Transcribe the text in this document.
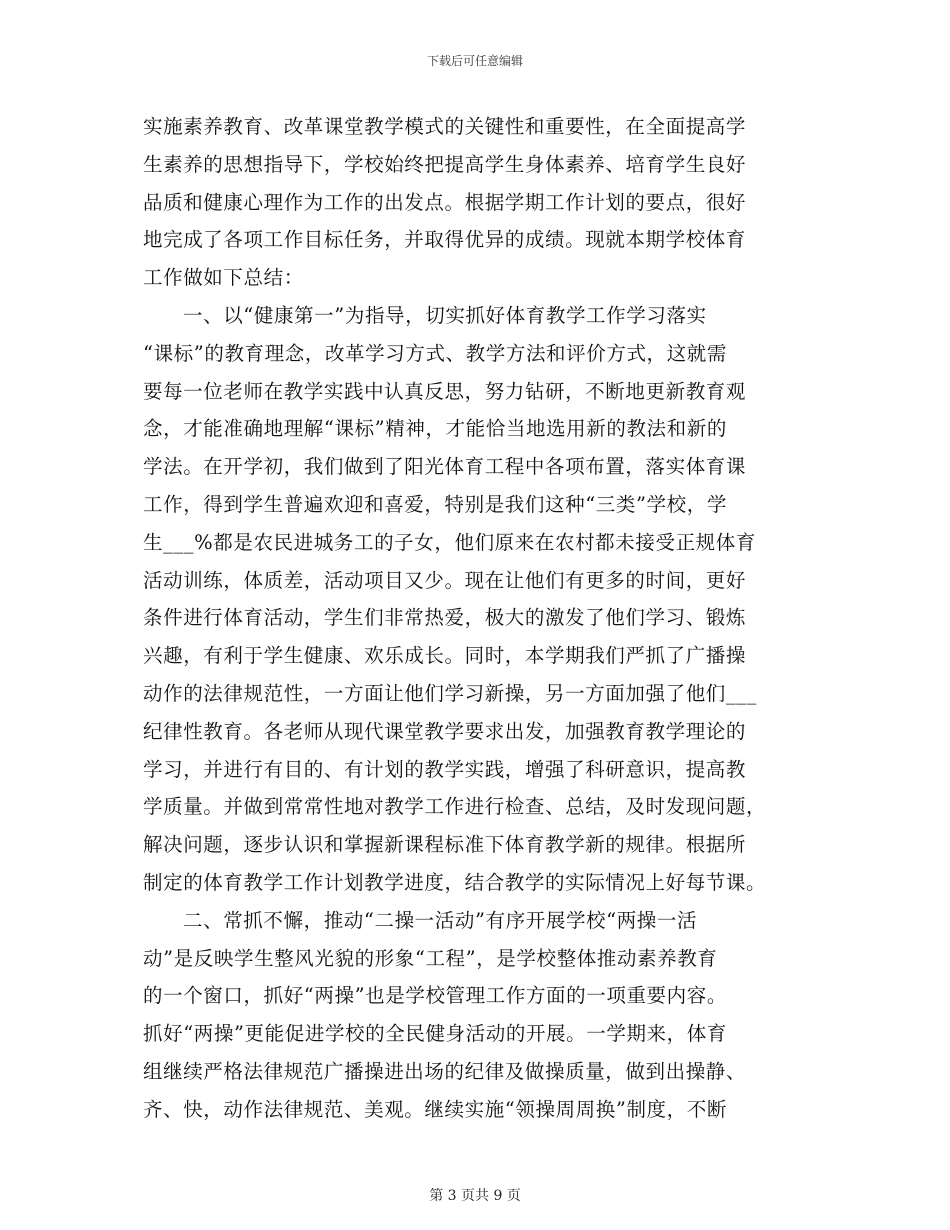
下载后可任意编辑
实施素养教育、改革课堂教学模式的关键性和重要性，在全面提高学
生素养的思想指导下，学校始终把提高学生身体素养、培育学生良好
品质和健康心理作为工作的出发点。根据学期工作计划的要点，很好
地完成了各项工作目标任务，并取得优异的成绩。现就本期学校体育
工作做如下总结：
一、以“健康第一”为指导，切实抓好体育教学工作学习落实
“课标”的教育理念，改革学习方式、教学方法和评价方式，这就需
要每一位老师在教学实践中认真反思，努力钻研，不断地更新教育观
念，才能准确地理解“课标”精神，才能恰当地选用新的教法和新的
学法。在开学初，我们做到了阳光体育工程中各项布置，落实体育课
工作，得到学生普遍欢迎和喜爱，特别是我们这种“三类”学校，学
生___%都是农民进城务工的子女，他们原来在农村都未接受正规体育
活动训练，体质差，活动项目又少。现在让他们有更多的时间，更好
条件进行体育活动，学生们非常热爱，极大的激发了他们学习、锻炼
兴趣，有利于学生健康、欢乐成长。同时，本学期我们严抓了广播操
动作的法律规范性，一方面让他们学习新操，另一方面加强了他们___
纪律性教育。各老师从现代课堂教学要求出发，加强教育教学理论的
学习，并进行有目的、有计划的教学实践，增强了科研意识，提高教
学质量。并做到常常性地对教学工作进行检查、总结，及时发现问题，
解决问题，逐步认识和掌握新课程标准下体育教学新的规律。根据所
制定的体育教学工作计划教学进度，结合教学的实际情况上好每节课。
二、常抓不懈，推动“二操一活动”有序开展学校“两操一活
动”是反映学生整风光貌的形象“工程”，是学校整体推动素养教育
的一个窗口，抓好“两操”也是学校管理工作方面的一项重要内容。
抓好“两操”更能促进学校的全民健身活动的开展。一学期来，体育
组继续严格法律规范广播操进出场的纪律及做操质量，做到出操静、
齐、快，动作法律规范、美观。继续实施“领操周周换”制度，不断
第 3 页共 9 页
